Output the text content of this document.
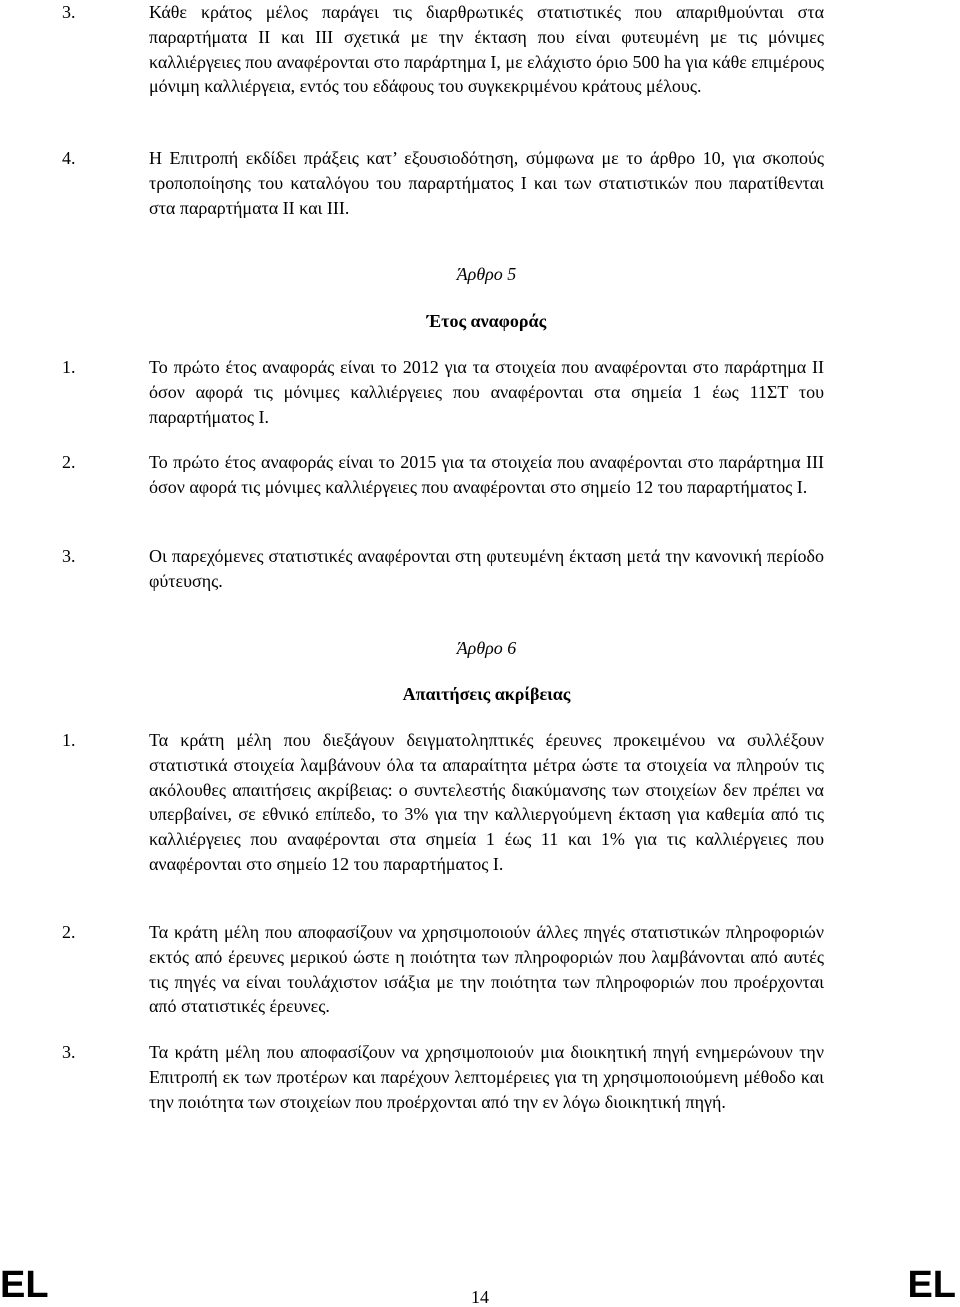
3.	Κάθε κράτος μέλος παράγει τις διαρθρωτικές στατιστικές που απαριθμούνται στα παραρτήματα ΙΙ και ΙΙΙ σχετικά με την έκταση που είναι φυτευμένη με τις μόνιμες καλλιέργειες που αναφέρονται στο παράρτημα Ι, με ελάχιστο όριο 500 ha για κάθε επιμέρους μόνιμη καλλιέργεια, εντός του εδάφους του συγκεκριμένου κράτους μέλους.
4.	Η Επιτροπή εκδίδει πράξεις κατ’ εξουσιοδότηση, σύμφωνα με το άρθρο 10, για σκοπούς τροποποίησης του καταλόγου του παραρτήματος Ι και των στατιστικών που παρατίθενται στα παραρτήματα ΙΙ και ΙΙΙ.
Άρθρο 5
Έτος αναφοράς
1.	Το πρώτο έτος αναφοράς είναι το 2012 για τα στοιχεία που αναφέρονται στο παράρτημα ΙΙ όσον αφορά τις μόνιμες καλλιέργειες που αναφέρονται στα σημεία 1 έως 11ΣΤ του παραρτήματος Ι.
2.	Το πρώτο έτος αναφοράς είναι το 2015 για τα στοιχεία που αναφέρονται στο παράρτημα ΙΙΙ όσον αφορά τις μόνιμες καλλιέργειες που αναφέρονται στο σημείο 12 του παραρτήματος Ι.
3.	Οι παρεχόμενες στατιστικές αναφέρονται στη φυτευμένη έκταση μετά την κανονική περίοδο φύτευσης.
Άρθρο 6
Απαιτήσεις ακρίβειας
1.	Τα κράτη μέλη που διεξάγουν δειγματοληπτικές έρευνες προκειμένου να συλλέξουν στατιστικά στοιχεία λαμβάνουν όλα τα απαραίτητα μέτρα ώστε τα στοιχεία να πληρούν τις ακόλουθες απαιτήσεις ακρίβειας: ο συντελεστής διακύμανσης των στοιχείων δεν πρέπει να υπερβαίνει, σε εθνικό επίπεδο, το 3% για την καλλιεργούμενη έκταση για καθεμία από τις καλλιέργειες που αναφέρονται στα σημεία 1 έως 11 και 1% για τις καλλιέργειες που αναφέρονται στο σημείο 12 του παραρτήματος Ι.
2.	Τα κράτη μέλη που αποφασίζουν να χρησιμοποιούν άλλες πηγές στατιστικών πληροφοριών εκτός από έρευνες μερικού ώστε η ποιότητα των πληροφοριών που λαμβάνονται από αυτές τις πηγές να είναι τουλάχιστον ισάξια με την ποιότητα των πληροφοριών που προέρχονται από στατιστικές έρευνες.
3.	Τα κράτη μέλη που αποφασίζουν να χρησιμοποιούν μια διοικητική πηγή ενημερώνουν την Επιτροπή εκ των προτέρων και παρέχουν λεπτομέρειες για τη χρησιμοποιούμενη μέθοδο και την ποιότητα των στοιχείων που προέρχονται από την εν λόγω διοικητική πηγή.
EL	14	EL
